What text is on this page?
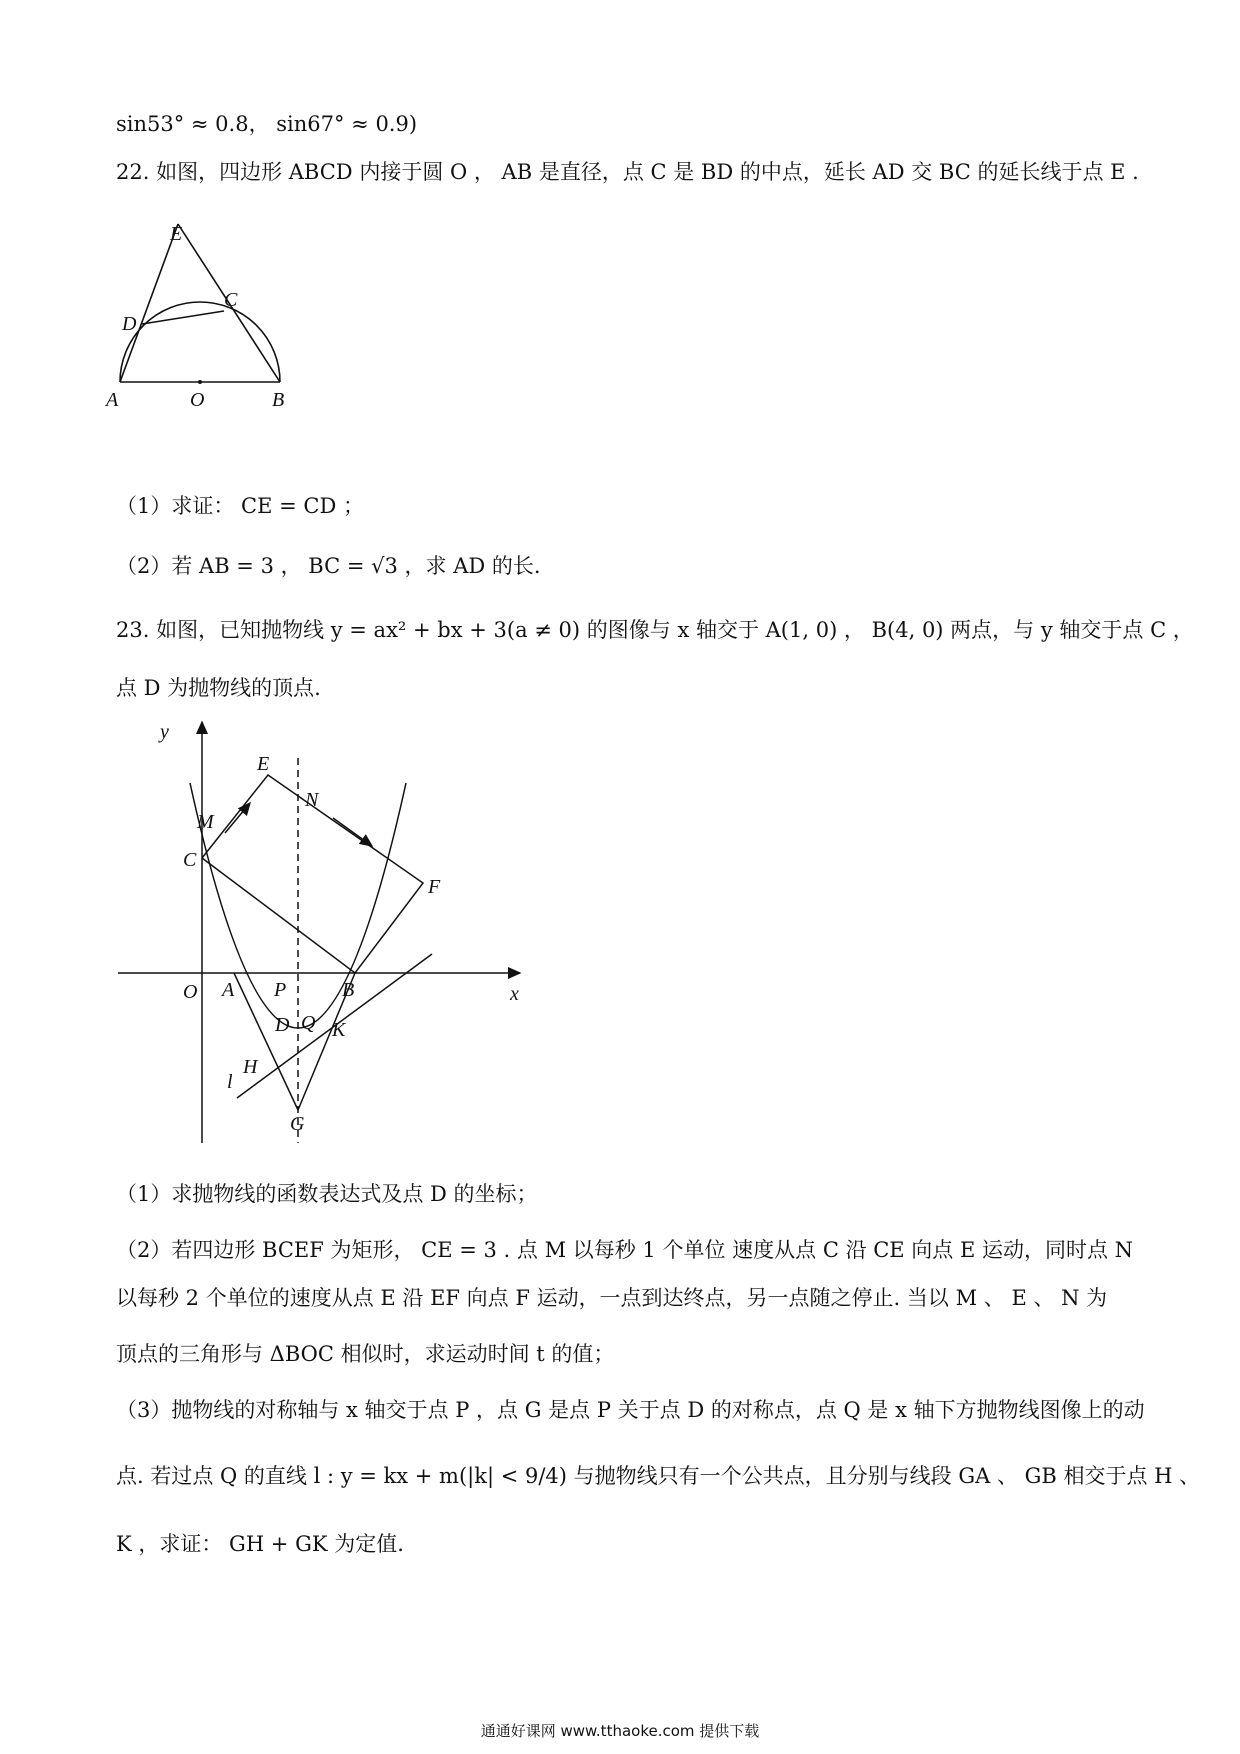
sin53° ≈ 0.8， sin67° ≈ 0.9)
22. 如图，四边形 ABCD 内接于圆 O ， AB 是直径，点 C 是 BD 的中点，延长 AD 交 BC 的延长线于点 E .
E
C
D
A	O	B
（1）求证： CE = CD ；
（2）若 AB = 3 ， BC = √3 ，求 AD 的长.
23. 如图，已知抛物线 y = ax² + bx + 3(a ≠ 0) 的图像与 x 轴交于 A(1, 0) ， B(4, 0) 两点，与 y 轴交于点 C ，
点 D 为抛物线的顶点.
y
x
E
M
N
C
F
O A P	B
D Q K
H
l
G
（1）求抛物线的函数表达式及点 D 的坐标；
（2）若四边形 BCEF 为矩形， CE = 3 . 点 M 以每秒 1 个单位 速度从点 C 沿 CE 向点 E 运动，同时点 N
以每秒 2 个单位的速度从点 E 沿 EF 向点 F 运动，一点到达终点，另一点随之停止. 当以 M 、 E 、 N 为
顶点的三角形与 ΔBOC 相似时，求运动时间 t 的值；
（3）抛物线的对称轴与 x 轴交于点 P ，点 G 是点 P 关于点 D 的对称点，点 Q 是 x 轴下方抛物线图像上的动
点. 若过点 Q 的直线 l : y = kx + m(|k| < 9/4) 与抛物线只有一个公共点，且分别与线段 GA 、 GB 相交于点 H 、
K ，求证： GH + GK 为定值.
通通好课网 www.tthaoke.com 提供下载
